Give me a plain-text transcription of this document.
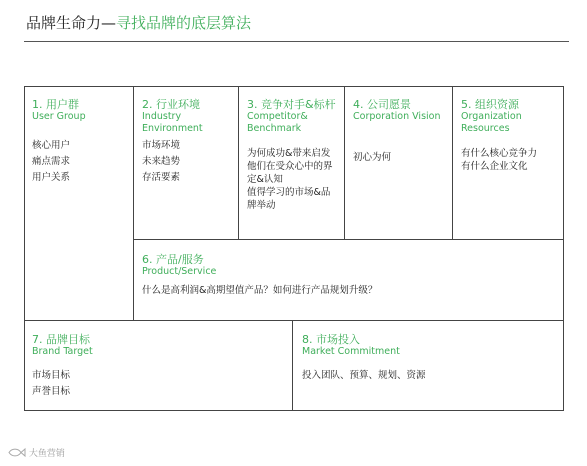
品牌生命力—寻找品牌的底层算法
1. 用户群
User Group
核心用户
痛点需求
用户关系
2. 行业环境
Industry
Environment
市场环境
未来趋势
存活要素
3. 竞争对手&标杆
Competitor&
Benchmark
为何成功&带来启发
他们在受众心中的界
定&认知
值得学习的市场&品
牌举动
4. 公司愿景
Corporation Vision
初心为何
5. 组织资源
Organization
Resources
有什么核心竞争力
有什么企业文化
6. 产品/服务
Product/Service
什么是高利润&高期望值产品？如何进行产品规划升级？
7. 品牌目标
Brand Target
市场目标
声誉目标
8. 市场投入
Market Commitment
投入团队、预算、规划、资源
大鱼营销
